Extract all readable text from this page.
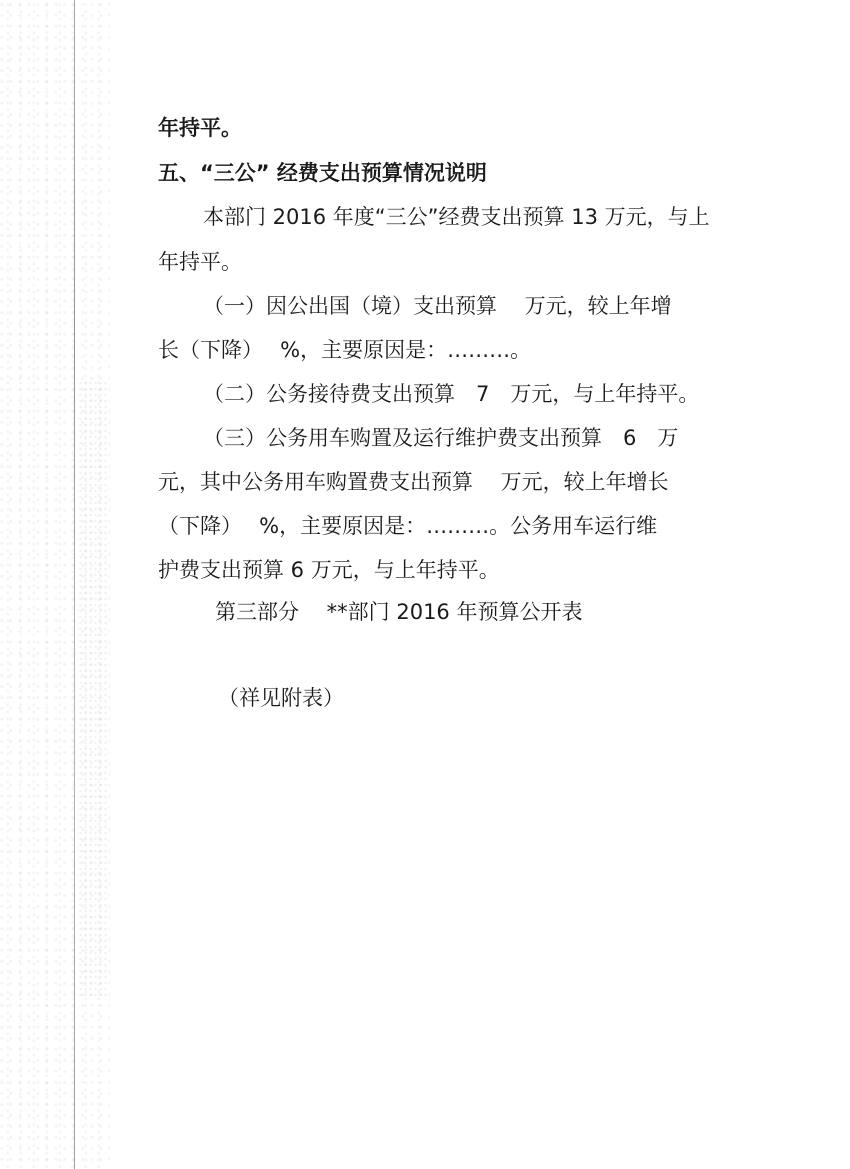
年持平。
五、“三公” 经费支出预算情况说明
本部门 2016 年度“三公”经费支出预算 13 万元，与上
年持平。
（一）因公出国（境）支出预算　 万元，较上年增
长（下降）　 %，主要原因是：………。
（二）公务接待费支出预算　7　万元，与上年持平。
（三）公务用车购置及运行维护费支出预算　6　万
元，其中公务用车购置费支出预算　 万元，较上年增长
（下降）　 %，主要原因是：………。公务用车运行维
护费支出预算 6 万元，与上年持平。
第三部分　 **部门 2016 年预算公开表
（祥见附表）
